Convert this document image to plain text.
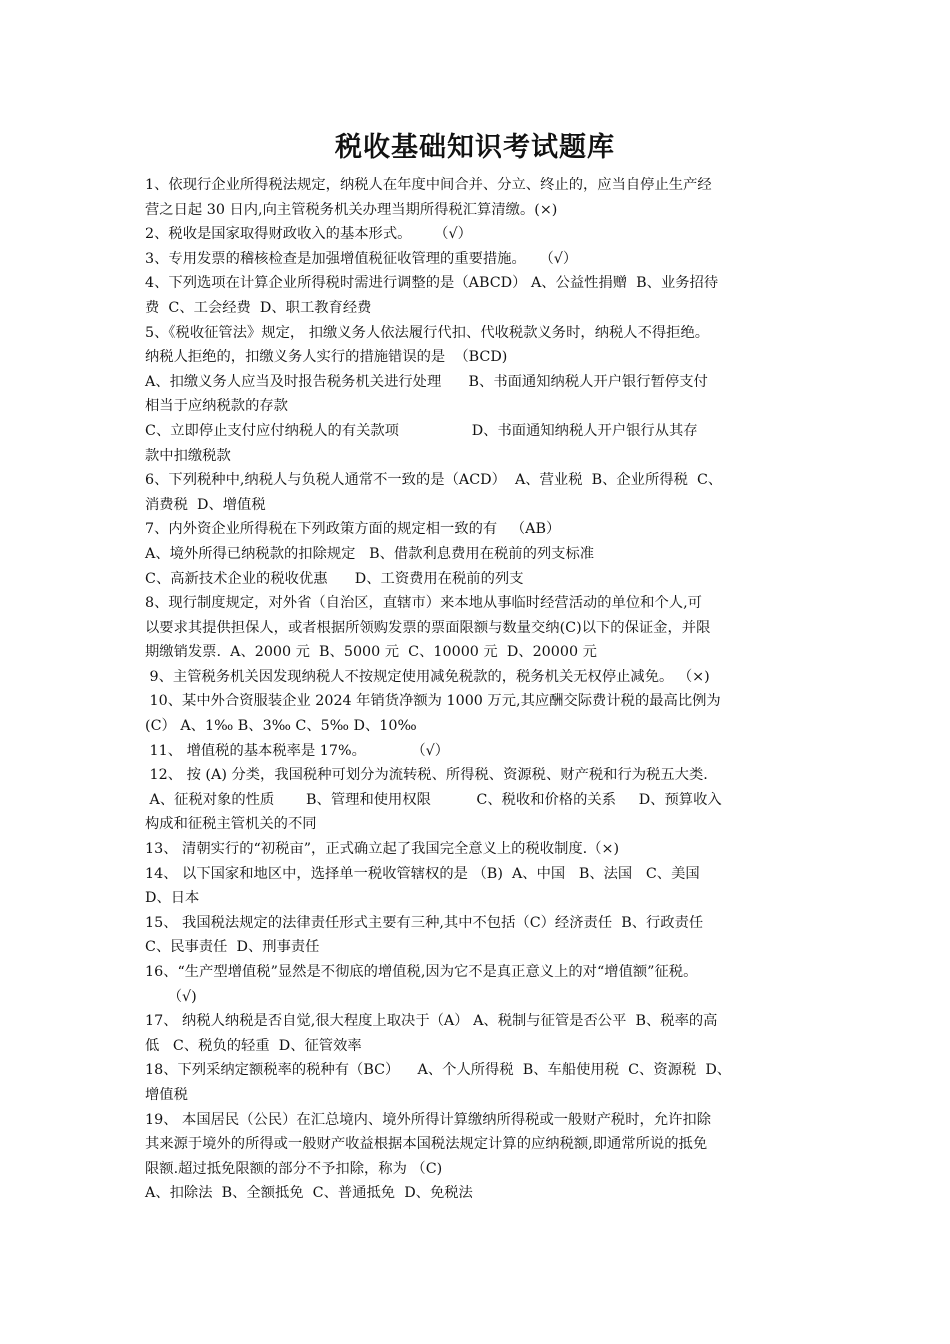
税收基础知识考试题库
1、依现行企业所得税法规定，纳税人在年度中间合并、分立、终止的，应当自停止生产经
营之日起 30 日内,向主管税务机关办理当期所得税汇算清缴。(×)
2、税收是国家取得财政收入的基本形式。     （√）
3、专用发票的稽核检查是加强增值税征收管理的重要措施。   （√）
4、下列选项在计算企业所得税时需进行调整的是（ABCD） A、公益性捐赠  B、业务招待
费  C、工会经费  D、职工教育经费
5、《税收征管法》规定， 扣缴义务人依法履行代扣、代收税款义务时，纳税人不得拒绝。
纳税人拒绝的，扣缴义务人实行的措施错误的是  （BCD)
A、扣缴义务人应当及时报告税务机关进行处理      B、书面通知纳税人开户银行暂停支付
相当于应纳税款的存款
C、立即停止支付应付纳税人的有关款项                D、书面通知纳税人开户银行从其存
款中扣缴税款
6、下列税种中,纳税人与负税人通常不一致的是（ACD）  A、营业税  B、企业所得税  C、
消费税  D、增值税
7、内外资企业所得税在下列政策方面的规定相一致的有   （AB）
A、境外所得已纳税款的扣除规定   B、借款利息费用在税前的列支标准
C、高新技术企业的税收优惠      D、工资费用在税前的列支
8、现行制度规定，对外省（自治区，直辖市）来本地从事临时经营活动的单位和个人,可
以要求其提供担保人，或者根据所领购发票的票面限额与数量交纳(C)以下的保证金，并限
期缴销发票.  A、2000 元  B、5000 元  C、10000 元  D、20000 元
9、主管税务机关因发现纳税人不按规定使用减免税款的，税务机关无权停止减免。 （×)
10、某中外合资服装企业 2024 年销货净额为 1000 万元,其应酬交际费计税的最高比例为
(C） A、1‰ B、3‰ C、5‰ D、10‰
11、 增值税的基本税率是 17%。          （√）
12、 按 (A) 分类，我国税种可划分为流转税、所得税、资源税、财产税和行为税五大类.
A、征税对象的性质       B、管理和使用权限          C、税收和价格的关系     D、预算收入
构成和征税主管机关的不同
13、 清朝实行的“初税亩”，正式确立起了我国完全意义上的税收制度.（×)
14、 以下国家和地区中，选择单一税收管辖权的是 （B)  A、中国   B、法国   C、美国
D、日本
15、 我国税法规定的法律责任形式主要有三种,其中不包括（C）经济责任  B、行政责任
C、民事责任  D、刑事责任
16、“生产型增值税”显然是不彻底的增值税,因为它不是真正意义上的对“增值额”征税。
（√)
17、 纳税人纳税是否自觉,很大程度上取决于（A） A、税制与征管是否公平  B、税率的高
低   C、税负的轻重  D、征管效率
18、下列采纳定额税率的税种有（BC）    A、个人所得税  B、车船使用税  C、资源税  D、
增值税
19、 本国居民（公民）在汇总境内、境外所得计算缴纳所得税或一般财产税时，允许扣除
其来源于境外的所得或一般财产收益根据本国税法规定计算的应纳税额,即通常所说的抵免
限额.超过抵免限额的部分不予扣除，称为 （C)
A、扣除法  B、全额抵免  C、普通抵免  D、免税法
